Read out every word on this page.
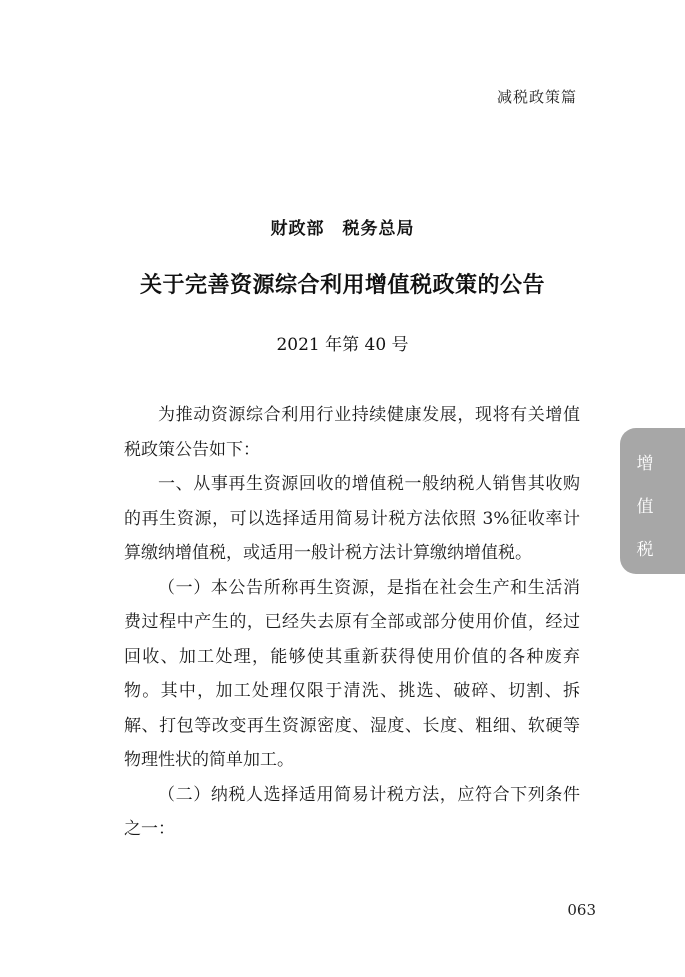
减税政策篇
财政部　税务总局
关于完善资源综合利用增值税政策的公告
2021 年第 40 号

为推动资源综合利用行业持续健康发展，现将有关增值税政策公告如下：

一、从事再生资源回收的增值税一般纳税人销售其收购的再生资源，可以选择适用简易计税方法依照 3%征收率计算缴纳增值税，或适用一般计税方法计算缴纳增值税。

（一）本公告所称再生资源，是指在社会生产和生活消费过程中产生的，已经失去原有全部或部分使用价值，经过回收、加工处理，能够使其重新获得使用价值的各种废弃物。其中，加工处理仅限于清洗、挑选、破碎、切割、拆解、打包等改变再生资源密度、湿度、长度、粗细、软硬等物理性状的简单加工。

（二）纳税人选择适用简易计税方法，应符合下列条件之一：

增
值
税
063
